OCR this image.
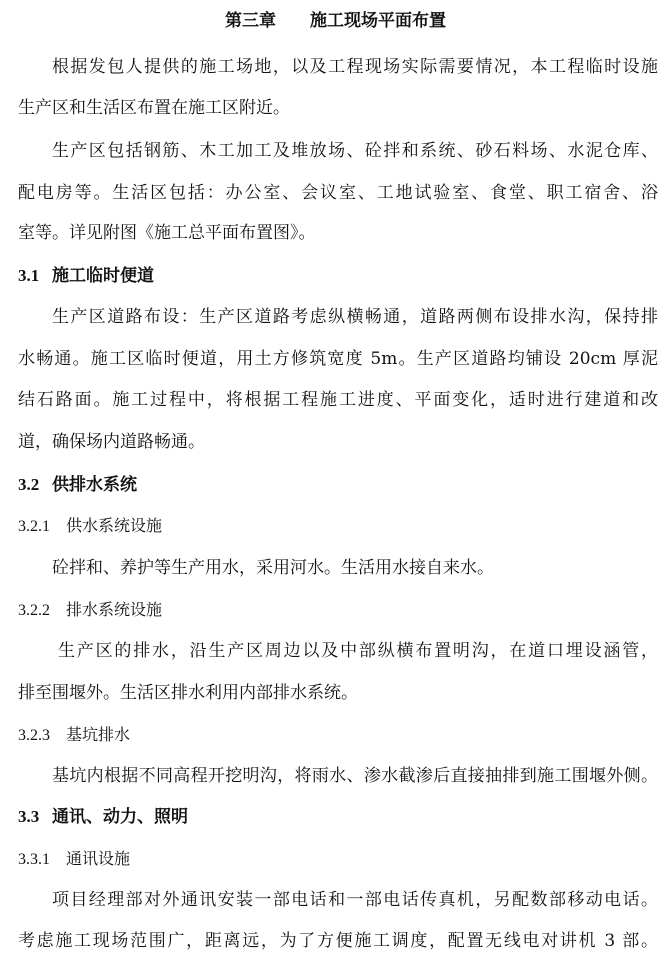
第三章 施工现场平面布置
根据发包人提供的施工场地，以及工程现场实际需要情况，本工程临时设施
生产区和生活区布置在施工区附近。
生产区包括钢筋、木工加工及堆放场、砼拌和系统、砂石料场、水泥仓库、
配电房等。生活区包括：办公室、会议室、工地试验室、食堂、职工宿舍、浴
室等。详见附图《施工总平面布置图》。
3.1 施工临时便道
生产区道路布设：生产区道路考虑纵横畅通，道路两侧布设排水沟，保持排
水畅通。施工区临时便道，用土方修筑宽度 5m。生产区道路均铺设 20cm 厚泥
结石路面。施工过程中，将根据工程施工进度、平面变化，适时进行建道和改
道，确保场内道路畅通。
3.2 供排水系统
3.2.1 供水系统设施
砼拌和、养护等生产用水，采用河水。生活用水接自来水。
3.2.2 排水系统设施
生产区的排水，沿生产区周边以及中部纵横布置明沟，在道口埋设涵管，
排至围堰外。生活区排水利用内部排水系统。
3.2.3 基坑排水
基坑内根据不同高程开挖明沟，将雨水、渗水截渗后直接抽排到施工围堰外侧。
3.3 通讯、动力、照明
3.3.1 通讯设施
项目经理部对外通讯安装一部电话和一部电话传真机，另配数部移动电话。
考虑施工现场范围广，距离远，为了方便施工调度，配置无线电对讲机 3 部。
